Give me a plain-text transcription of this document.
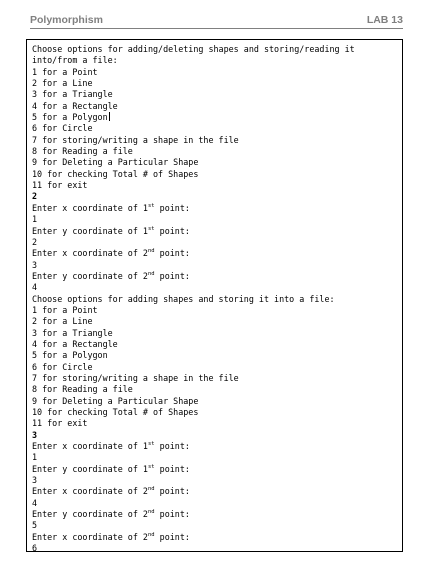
Polymorphism	LAB 13
Choose options for adding/deleting shapes and storing/reading it
into/from a file:
1 for a Point
2 for a Line
3 for a Triangle
4 for a Rectangle
5 for a Polygon
6 for Circle
7 for storing/writing a shape in the file
8 for Reading a file
9 for Deleting a Particular Shape
10 for checking Total # of Shapes
11 for exit
2
Enter x coordinate of 1st point:
1
Enter y coordinate of 1st point:
2
Enter x coordinate of 2nd point:
3
Enter y coordinate of 2nd point:
4
Choose options for adding shapes and storing it into a file:
1 for a Point
2 for a Line
3 for a Triangle
4 for a Rectangle
5 for a Polygon
6 for Circle
7 for storing/writing a shape in the file
8 for Reading a file
9 for Deleting a Particular Shape
10 for checking Total # of Shapes
11 for exit
3
Enter x coordinate of 1st point:
1
Enter y coordinate of 1st point:
3
Enter x coordinate of 2nd point:
4
Enter y coordinate of 2nd point:
5
Enter x coordinate of 2nd point:
6
